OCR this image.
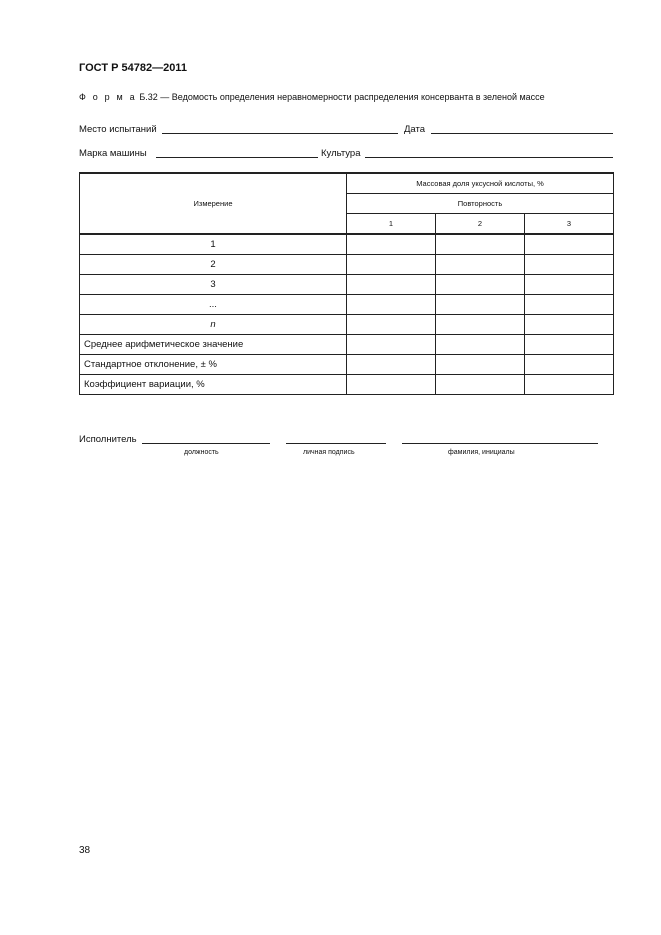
ГОСТ Р 54782—2011
Ф о р м а Б.32 — Ведомость определения неравномерности распределения консерванта в зеленой массе
Место испытаний	Дата
Марка машины	Культура
Измерение	Массовая доля уксусной кислоты, %		
	Повторность		
	1	2	3
1			
2			
3			
...			
n			
Среднее арифметическое значение			
Стандартное отклонение, ± %			
Коэффициент вариации, %			
Исполнитель
должность	личная подпись	фамилия, инициалы
38
